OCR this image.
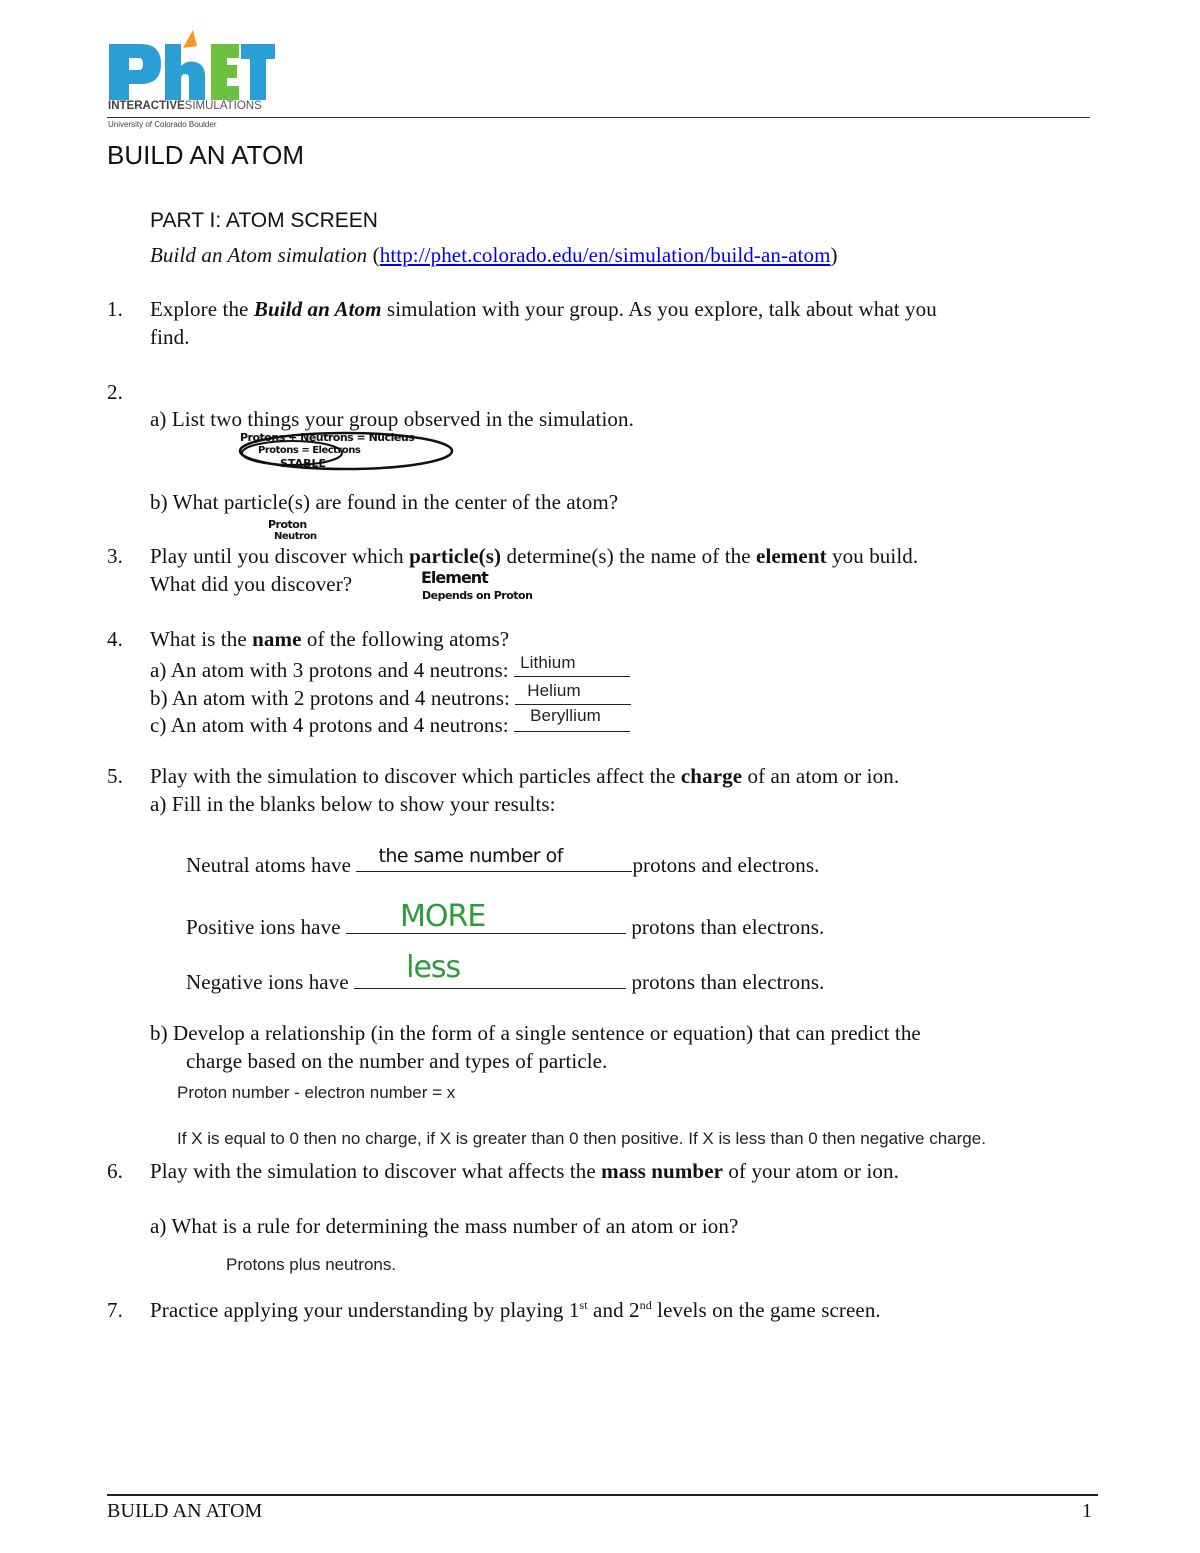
INTERACTIVESIMULATIONS
University of Colorado Boulder
BUILD AN ATOM
PART I: ATOM SCREEN
Build an Atom simulation (http://phet.colorado.edu/en/simulation/build-an-atom)
1. Explore the Build an Atom simulation with your group. As you explore, talk about what you
find.
2.
a) List two things your group observed in the simulation.
Protons + Neutrons = Nucleus
Protons = Electrons
STABLE
b) What particle(s) are found in the center of the atom?
Proton
Neutron
3. Play until you discover which particle(s) determine(s) the name of the element you build.
What did you discover?	Element
Depends on Proton
4. What is the name of the following atoms?
a) An atom with 3 protons and 4 neutrons: Lithium
b) An atom with 2 protons and 4 neutrons: Helium
c) An atom with 4 protons and 4 neutrons: Beryllium
5. Play with the simulation to discover which particles affect the charge of an atom or ion.
a) Fill in the blanks below to show your results:
Neutral atoms have the same number of	protons and electrons.
Positive ions have MORE	protons than electrons.
Negative ions have less	protons than electrons.
b) Develop a relationship (in the form of a single sentence or equation) that can predict the
charge based on the number and types of particle.
Proton number - electron number = x
If X is equal to 0 then no charge, if X is greater than 0 then positive. If X is less than 0 then negative charge.
6. Play with the simulation to discover what affects the mass number of your atom or ion.
a) What is a rule for determining the mass number of an atom or ion?
Protons plus neutrons.
7. Practice applying your understanding by playing 1st and 2nd levels on the game screen.
BUILD AN ATOM	1
